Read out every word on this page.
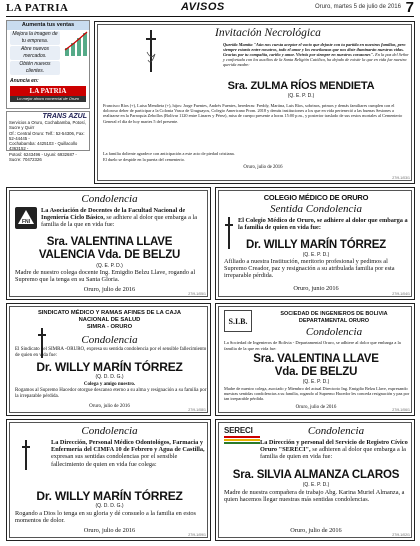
LA PATRIA	AVISOS	Oruro, martes 5 de julio de 2016 7
Aumenta tus ventas
Mejora la imagen de tu empresa.
Abre nuevos mercados.
Obtén nuevos clientes.
Anuncia en:
LA PATRIA
Lo mejor ahora comercial de Oruro
TRANS AZUL
Servicios a Oruro, Cochabamba, Potosí, Sucre y Quirr
Of.: Central Oruro: Telf.: 52-54306, Fax: 52-44445 -
Cochabamba: 4425103 - Quillacollo 4363152 -
Potosí: 6243496 - Uyuni: 6932687 - Sucre: 70472326
Invitación Necrológica
Querida Mamita "Aún nos cuesta aceptar el vacío que dejaste con tu partida en nuestras familias, pero siempre estarás entre nosotros, todo el amor y los enseñanzas que nos diste iluminarán nuestras vidas. Gracias por tu compañía, cariño y amor. Vivirás por siempre en nuestros corazones". En la paz del Señor y confortada con los auxilios de la Santa Religión Católica, ha dejado de existir la que en vida fue nuestra querida madre:
Sra. ZULMA RÍOS MENDIETA
(Q. E. P. D.)
Francisco Ríos (+), Luisa Mendieta (+), hijos: Jorge Fuentes, Andrés Fuentes, herederas: Freddy, Martina, Luis Ríos, sobrinos, primos y demás familiares cumplen con el doloroso deber de participar a la Colonia Vasca de Uruguayos, Colegio Americano Prom. 2018 y demás instituciones a los que en vida perteneció a las buenas Sesiones a realizarse en la Parroquia Zebollos (Bolívar 1120 entre Linares y Pérez), misa de cuerpo presente a horas 15:00 p.m., y posterior traslado de sus restos mortales al Cementerio General el día de hoy martes 5 del presente.
La familia doliente agradece con anticipación a este acto de piedad cristiana.
El duelo se despide en la puerta del cementerio.
Oruro, julio de 2016
27/9-1/03/1
Condolencia
FNI
La Asociación de Docentes de la Facultad Nacional de Ingeniería Ciclo Básico, se adhiere al dolor que embarga a la familia de la que en vida fue:
Sra. VALENTINA LLAVE
VALENCIA Vda. DE BELZU
(Q. E. P. D.)
Madre de nuestro colega docente Ing. Emigdio Belzu Llave, rogando al Supremo que la tenga en su Santa Gloria.
Oruro, julio de 2016
27/9-1/05/1
COLEGIO MÉDICO DE ORURO
Sentida Condolencia
El Colegio Médico de Oruro, se adhiere al dolor que embarga a la familia de quien en vida fue:
Dr. WILLY MARÍN TÓRREZ
(Q. E. P. D.)
Afiliado a nuestra Institución, meritorio profesional y pedimos al Supremo Creador, paz y resignación a su atribulada familia por esta irreparable pérdida.
Oruro, junio 2016
27/9-1/04/1
SINDICATO MÉDICO Y RAMAS AFINES DE LA CAJA
NACIONAL DE SALUD
SIMRA - ORURO
Condolencia
El Sindicato del SIMRA -ORURO, expresa su sentida condolencia por el sensible fallecimiento de quien en vida fue:
Dr. WILLY MARÍN TÓRREZ
(Q. D. D. G.)
Colega y amigo nuestro.
Rogamos al Supremo Hacedor otorgue descanso eterno a su alma y resignación a su familia por la irreparable pérdida.
Oruro, julio de 2016
27/9-1/08/1
S.I.B.
SOCIEDAD DE INGENIEROS DE BOLIVIA
DEPARTAMENTAL ORURO
Condolencia
La Sociedad de Ingenieros de Bolivia - Departamental Oruro, se adhiere al dolor que embarga a la familia de la que en vida fue:
Sra. VALENTINA LLAVE
Vda. DE BELZU
(Q. E. P. D.)
Madre de nuestro colega, asociado y Miembro del actual Directorio Ing. Emigdio Belzu Llave, expresando nuestras sentidas condolencias a su familia, rogando al Supremo Hacedor les conceda resignación y paz por tan irreparable pérdida.
Oruro, julio de 2016	27/9-1/06/1
Condolencia
La Dirección, Personal Médico Odontológos, Farmacia y Enfermería del CIMFA 10 de Febrero y Agua de Castilla, expresan sus sentidas condolencias por el sensible fallecimiento de quien en vida fue colega:
Dr. WILLY MARÍN TÓRREZ
(Q. D. D. G.)
Rogando a Dios lo tenga en su gloria y dé consuelo a la familia en estos momentos de dolor.
Oruro, julio de 2016
27/9-1/09/1
SERECI	Condolencia
La Dirección y personal del Servicio de Registro Cívico Oruro "SERECI", se adhieren al dolor que embarga a la familia de quien en vida fue:
Sra. SILVIA ALMANZA CLAROS
(Q. E. P. D.)
Madre de nuestra compañera de trabajo Abg. Karina Muriel Almanza, a quien hacemos llegar nuestras más sentidas condolencias.
Oruro, julio de 2016
27/9-1/02/1
